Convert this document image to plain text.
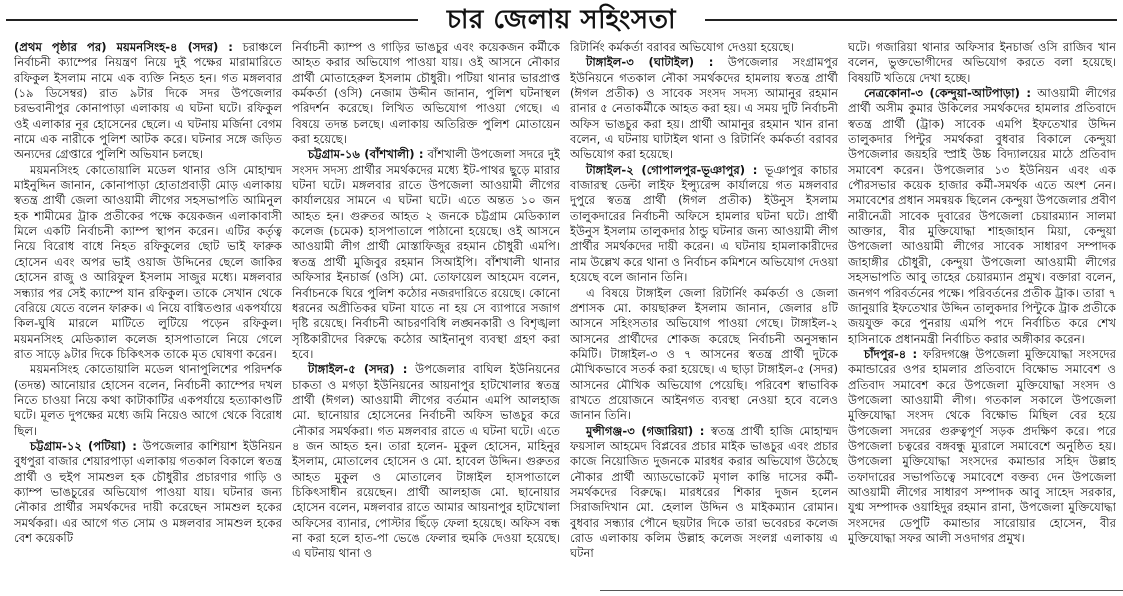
চার জেলায় সহিংসতা

(প্রথম পৃষ্ঠার পর) ময়মনসিংহ-৪ (সদর) : চরাঞ্চলে নির্বাচনী ক্যাম্পের নিয়ন্ত্রণ নিয়ে দুই পক্ষের মারামারিতে রফিকুল ইসলাম নামে এক ব্যক্তি নিহত হন। গত মঙ্গলবার (১৯ ডিসেম্বর) রাত ৯টার দিকে সদর উপজেলার চরভবানীপুর কোনাপাড়া এলাকায় এ ঘটনা ঘটে। রফিকুল ওই এলাকার নূর হোসেনের ছেলে। এ ঘটনায় মর্জিনা বেগম নামে এক নারীকে পুলিশ আটক করে। ঘটনার সঙ্গে জড়িত অন্যদের গ্রেপ্তারে পুলিশি অভিযান চলছে।

ময়মনসিংহ কোতোয়ালি মডেল থানার ওসি মোহাম্মদ মাইনুদ্দিন জানান, কোনাপাড়া হোতাপ্রবাড়ী মোড় এলাকায় স্বতন্ত্র প্রার্থী জেলা আওয়ামী লীগের সহসভাপতি আমিনুল হক শামীমের ট্রাক প্রতীকের পক্ষে কয়েকজন এলাকাবাসী মিলে একটি নির্বাচনী ক্যাম্প স্থাপন করেন। এটির কর্তৃত্ব নিয়ে বিরোধ বাধে নিহত রফিকুলের ছোট ভাই ফারুক হোসেন এবং অপর ভাই ওয়াজ উদ্দিনের ছেলে জাকির হোসেন রাজু ও আরিফুল ইসলাম সাজুর মধ্যে। মঙ্গলবার সন্ধ্যার পর সেই ক্যাম্পে যান রফিকুল। তাকে সেখান থেকে বেরিয়ে যেতে বলেন ফারুক। এ নিয়ে বাগ্বিতণ্ডার একপর্যায়ে কিল-ঘুষি মারলে মাটিতে লুটিয়ে পড়েন রফিকুল। ময়মনসিংহ মেডিক্যাল কলেজ হাসপাতালে নিয়ে গেলে রাত সাড়ে ৯টার দিকে চিকিৎসক তাকে মৃত ঘোষণা করেন।

ময়মনসিংহ কোতোয়ালি মডেল থানাপুলিশের পরিদর্শক (তদন্ত) আনোয়ার হোসেন বলেন, নির্বাচনী ক্যাম্পের দখল নিতে চাওয়া নিয়ে কথা কাটাকাটির একপর্যায়ে হত্যাকাণ্ডটি ঘটে। মূলত দুপক্ষের মধ্যে জমি নিয়েও আগে থেকে বিরোধ ছিল।

চট্টগ্রাম-১২ (পটিয়া) : উপজেলার কাশিয়াশ ইউনিয়ন বুধপুরা বাজার শেয়ারপাড়া এলাকায় গতকাল বিকালে স্বতন্ত্র প্রার্থী ও হুইপ সামশুল হক চৌধুরীর প্রচারণার গাড়ি ও ক্যাম্প ভাঙচুরের অভিযোগ পাওয়া যায়। ঘটনার জন্য নৌকার প্রার্থীর সমর্থকদের দায়ী করেছেন সামশুল হকের সমর্থকরা। এর আগে গত সোম ও মঙ্গলবার সামশুল হকের বেশ কয়েকটি

নির্বাচনী ক্যাম্প ও গাড়ির ভাঙচুর এবং কয়েকজন কর্মীকে আহত করার অভিযোগ পাওয়া যায়। ওই আসনে নৌকার প্রার্থী মোতাহেরুল ইসলাম চৌধুরী। পটিয়া থানার ভারপ্রাপ্ত কর্মকর্তা (ওসি) নেজাম উদ্দীন জানান, পুলিশ ঘটনাস্থল পরিদর্শন করেছে। লিখিত অভিযোগ পাওয়া গেছে। এ বিষয়ে তদন্ত চলছে। এলাকায় অতিরিক্ত পুলিশ মোতায়েন করা হয়েছে।

চট্টগ্রাম-১৬ (বাঁশখালী) : বাঁশখালী উপজেলা সদরে দুই সংসদ সদস্য প্রার্থীর সমর্থকদের মধ্যে ইট-পাথর ছুড়ে মারার ঘটনা ঘটে। মঙ্গলবার রাতে উপজেলা আওয়ামী লীগের কার্যালয়ের সামনে এ ঘটনা ঘটে। এতে অন্তত ১০ জন আহত হন। গুরুতর আহত ২ জনকে চট্টগ্রাম মেডিক্যাল কলেজ (চমেক) হাসপাতালে পাঠানো হয়েছে। ওই আসনে আওয়ামী লীগ প্রার্থী মোস্তাফিজুর রহমান চৌধুরী এমপি। স্বতন্ত্র প্রার্থী মুজিবুর রহমান সিআইপি। বাঁশখালী থানার অফিসার ইনচার্জ (ওসি) মো. তোফায়েল আহমেদ বলেন, নির্বাচনকে ঘিরে পুলিশ কঠোর নজরদারিতে রয়েছে। কোনো ধরনের অপ্রীতিকর ঘটনা যাতে না হয় সে ব্যাপারে সজাগ দৃষ্টি রয়েছে। নির্বাচনী আচরণবিধি লঙ্ঘনকারী ও বিশৃঙ্খলা সৃষ্টিকারীদের বিরুদ্ধে কঠোর আইনানুগ ব্যবস্থা গ্রহণ করা হবে।

টাঙ্গাইল-৫ (সদর) : উপজেলার বাঘিল ইউনিয়নের চাকতা ও মগড়া ইউনিয়নের আয়নাপুর হাটখোলার স্বতন্ত্র প্রার্থী (ঈগল) আওয়ামী লীগের বর্তমান এমপি আলহাজ মো. ছানোয়ার হোসেনের নির্বাচনী অফিস ভাঙচুর করে নৌকার সমর্থকরা। গত মঙ্গলবার রাতে এ ঘটনা ঘটে। এতে ৪ জন আহত হন। তারা হলেন- মুকুল হোসেন, মাহিনুর ইসলাম, মোতালেব হোসেন ও মো. হাবেল উদ্দিন। গুরুতর আহত মুকুল ও মোতালেব টাঙ্গাইল হাসপাতালে চিকিৎসাধীন রয়েছেন। প্রার্থী আলহাজ মো. ছানোয়ার হোসেন বলেন, মঙ্গলবার রাতে আমার আয়নাপুর হাটখোলা অফিসের ব্যানার, পোস্টার ছিঁড়ে ফেলা হয়েছে। অফিস বন্ধ না করা হলে হাত-পা ভেঙে ফেলার হুমকি দেওয়া হয়েছে। এ ঘটনায় থানা ও

রিটার্নিং কর্মকর্তা বরাবর অভিযোগ দেওয়া হয়েছে।

টাঙ্গাইল-৩ (ঘাটাইল) : উপজেলার সংগ্রামপুর ইউনিয়নে গতকাল নৌকা সমর্থকদের হামলায় স্বতন্ত্র প্রার্থী (ঈগল প্রতীক) ও সাবেক সংসদ সদস্য আমানুর রহমান রানার ৫ নেতাকর্মীকে আহত করা হয়। এ সময় দুটি নির্বাচনী অফিস ভাঙচুর করা হয়। প্রার্থী আমানুর রহমান খান রানা বলেন, এ ঘটনায় ঘাটাইল থানা ও রিটার্নিং কর্মকর্তা বরাবর অভিযোগ করা হয়েছে।

টাঙ্গাইল-২ (গোপালপুর-ভূঞাপুর) : ভূঞাপুর কাচার বাজারস্থ ডেল্টা লাইফ ইন্স্যুরেন্স কার্যালয়ে গত মঙ্গলবার দুপুরে স্বতন্ত্র প্রার্থী (ঈগল প্রতীক) ইউনুস ইসলাম তালুকদারের নির্বাচনী অফিসে হামলার ঘটনা ঘটে। প্রার্থী ইউনুস ইসলাম তালুকদার ঠান্ডু ঘটনার জন্য আওয়ামী লীগ প্রার্থীর সমর্থকদের দায়ী করেন। এ ঘটনায় হামলাকারীদের নাম উল্লেখ করে থানা ও নির্বাচন কমিশনে অভিযোগ দেওয়া হয়েছে বলে জানান তিনি।

এ বিষয়ে টাঙ্গাইল জেলা রিটার্নিং কর্মকর্তা ও জেলা প্রশাসক মো. কায়ছারুল ইসলাম জানান, জেলার ৪টি আসনে সহিংসতার অভিযোগ পাওয়া গেছে। টাঙ্গাইল-২ আসনের প্রার্থীদের শোকজ করেছে নির্বাচনী অনুসন্ধান কমিটি। টাঙ্গাইল-৩ ও ৭ আসনের স্বতন্ত্র প্রার্থী দুটকে মৌখিকভাবে সতর্ক করা হয়েছে। এ ছাড়া টাঙ্গাইল-৫ (সদর) আসনের মৌখিক অভিযোগ পেয়েছি। পরিবেশ স্বাভাবিক রাখতে প্রয়োজনে আইনগত ব্যবস্থা নেওয়া হবে বলেও জানান তিনি।

মুন্সীগঞ্জ-৩ (গজারিয়া) : স্বতন্ত্র প্রার্থী হাজি মোহাম্মদ ফয়সাল আহমেদ বিপ্লবের প্রচার মাইক ভাঙচুর এবং প্রচার কাজে নিয়োজিত দুজনকে মারধর করার অভিযোগ উঠেছে নৌকার প্রার্থী অ্যাডভোকেট মৃণাল কান্তি দাসের কর্মী-সমর্থকদের বিরুদ্ধে। মারধরের শিকার দুজন হলেন সিরাজদিখান মো. হেলাল উদ্দিন ও মাইকম্যান রোমান। বুধবার সন্ধ্যার পৌনে ছয়টার দিকে তারা ভবেরচর কলেজ রোড এলাকায় কলিম উল্লাহ কলেজ সংলগ্ন এলাকায় এ ঘটনা

ঘটে। গজারিয়া থানার অফিসার ইনচার্জ ওসি রাজিব খান বলেন, ভুক্তভোগীদের অভিযোগ করতে বলা হয়েছে। বিষয়টি খতিয়ে দেখা হচ্ছে।

নেত্রকোনা-৩ (কেন্দুয়া-আটপাড়া) : আওয়ামী লীগের প্রার্থী অসীম কুমার উকিলের সমর্থকদের হামলার প্রতিবাদে স্বতন্ত্র প্রার্থী (ট্রাক) সাবেক এমপি ইফতেখার উদ্দিন তালুকদার পিন্টুর সমর্থকরা বুধবার বিকালে কেন্দুয়া উপজেলার জয়হরি স্প্রাই উচ্চ বিদ্যালয়ের মাঠে প্রতিবাদ সমাবেশ করেন। উপজেলার ১৩ ইউনিয়ন এবং এক পৌরসভার কয়েক হাজার কর্মী-সমর্থক এতে অংশ নেন। সমাবেশের প্রধান সমন্বয়ক ছিলেন কেন্দুয়া উপজেলার প্রবীণ নারীনেত্রী সাবেক দুবারের উপজেলা চেয়ারম্যান সালমা আক্তার, বীর মুক্তিযোদ্ধা শাহজাহান মিয়া, কেন্দুয়া উপজেলা আওয়ামী লীগের সাবেক সাধারণ সম্পাদক জাহাঙ্গীর চৌধুরী, কেন্দুয়া উপজেলা আওয়ামী লীগের সহসভাপতি আবু তাহের চেয়ারম্যান প্রমুখ। বক্তারা বলেন, জনগণ পরিবর্তনের পক্ষে। পরিবর্তনের প্রতীক ট্রাক। তারা ৭ জানুয়ারি ইফতেখার উদ্দিন তালুকদার পিন্টুকে ট্রাক প্রতীকে জয়যুক্ত করে পুনরায় এমপি পদে নির্বাচিত করে শেখ হাসিনাকে প্রধানমন্ত্রী নির্বাচিত করার অঙ্গীকার করেন।

চাঁদপুর-৪ : ফরিদগঞ্জে উপজেলা মুক্তিযোদ্ধা সংসদের কমান্ডারের ওপর হামলার প্রতিবাদে বিক্ষোভ সমাবেশ ও প্রতিবাদ সমাবেশ করে উপজেলা মুক্তিযোদ্ধা সংসদ ও উপজেলা আওয়ামী লীগ। গতকাল সকালে উপজেলা মুক্তিযোদ্ধা সংসদ থেকে বিক্ষোভ মিছিল বের হয়ে উপজেলা সদরের গুরুত্বপূর্ণ সড়ক প্রদক্ষিণ করে। পরে উপজেলা চত্বরের বঙ্গবন্ধু ম্যুরালে সমাবেশে অনুষ্ঠিত হয়। উপজেলা মুক্তিযোদ্ধা সংসদের কমান্ডার সহিদ উল্লাহ তফাদারের সভাপতিত্বে সমাবেশে বক্তব্য দেন উপজেলা আওয়ামী লীগের সাধারণ সম্পাদক আবু সাহেদ সরকার, যুগ্ম সম্পাদক ওয়াহিদুর রহমান রানা, উপজেলা মুক্তিযোদ্ধা সংসদের ডেপুটি কমান্ডার সারোয়ার হোসেন, বীর মুক্তিযোদ্ধা সফর আলী সওদাগর প্রমুখ।
